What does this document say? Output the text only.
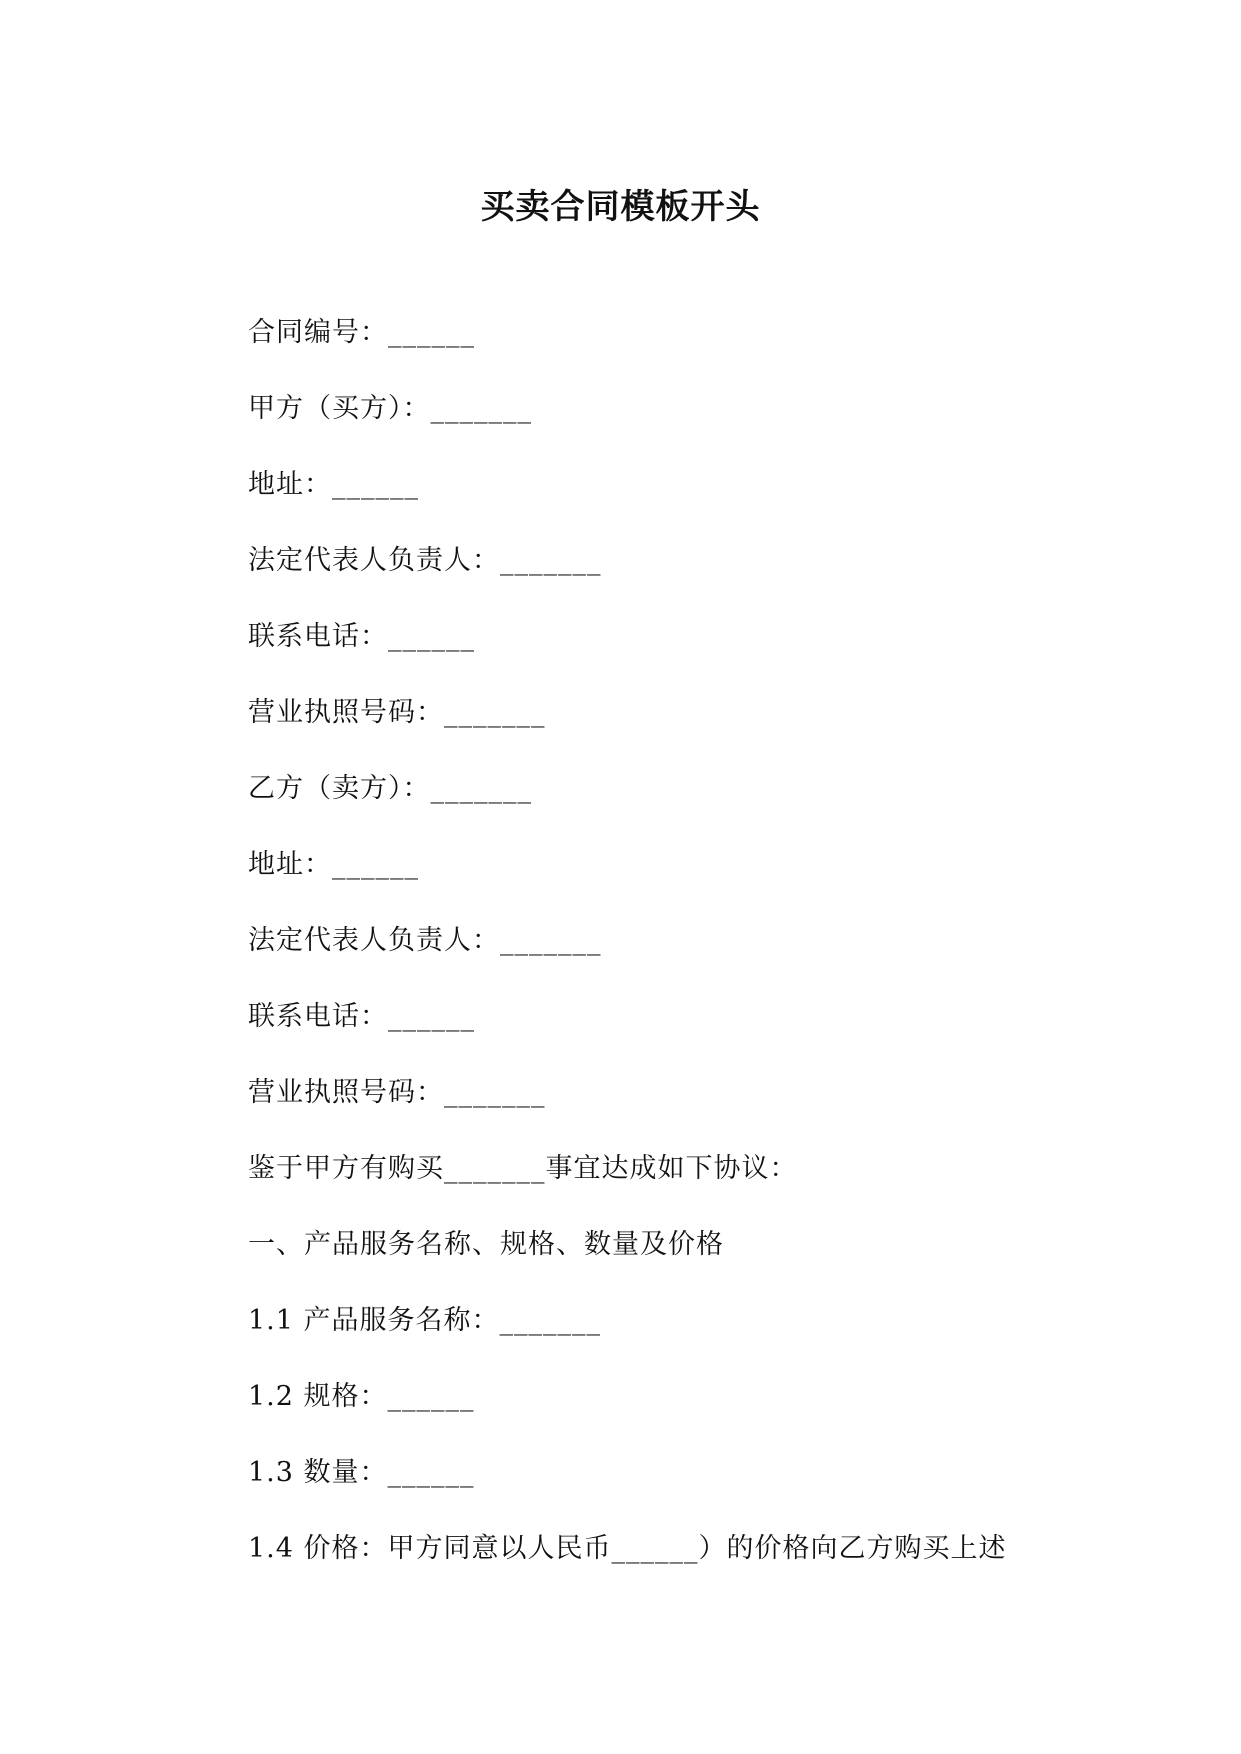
买卖合同模板开头
合同编号：______
甲方（买方）：_______
地址：______
法定代表人负责人：_______
联系电话：______
营业执照号码：_______
乙方（卖方）：_______
地址：______
法定代表人负责人：_______
联系电话：______
营业执照号码：_______
鉴于甲方有购买_______事宜达成如下协议：
一、产品服务名称、规格、数量及价格
1.1 产品服务名称：_______
1.2 规格：______
1.3 数量：______
1.4 价格：甲方同意以人民币______）的价格向乙方购买上述
